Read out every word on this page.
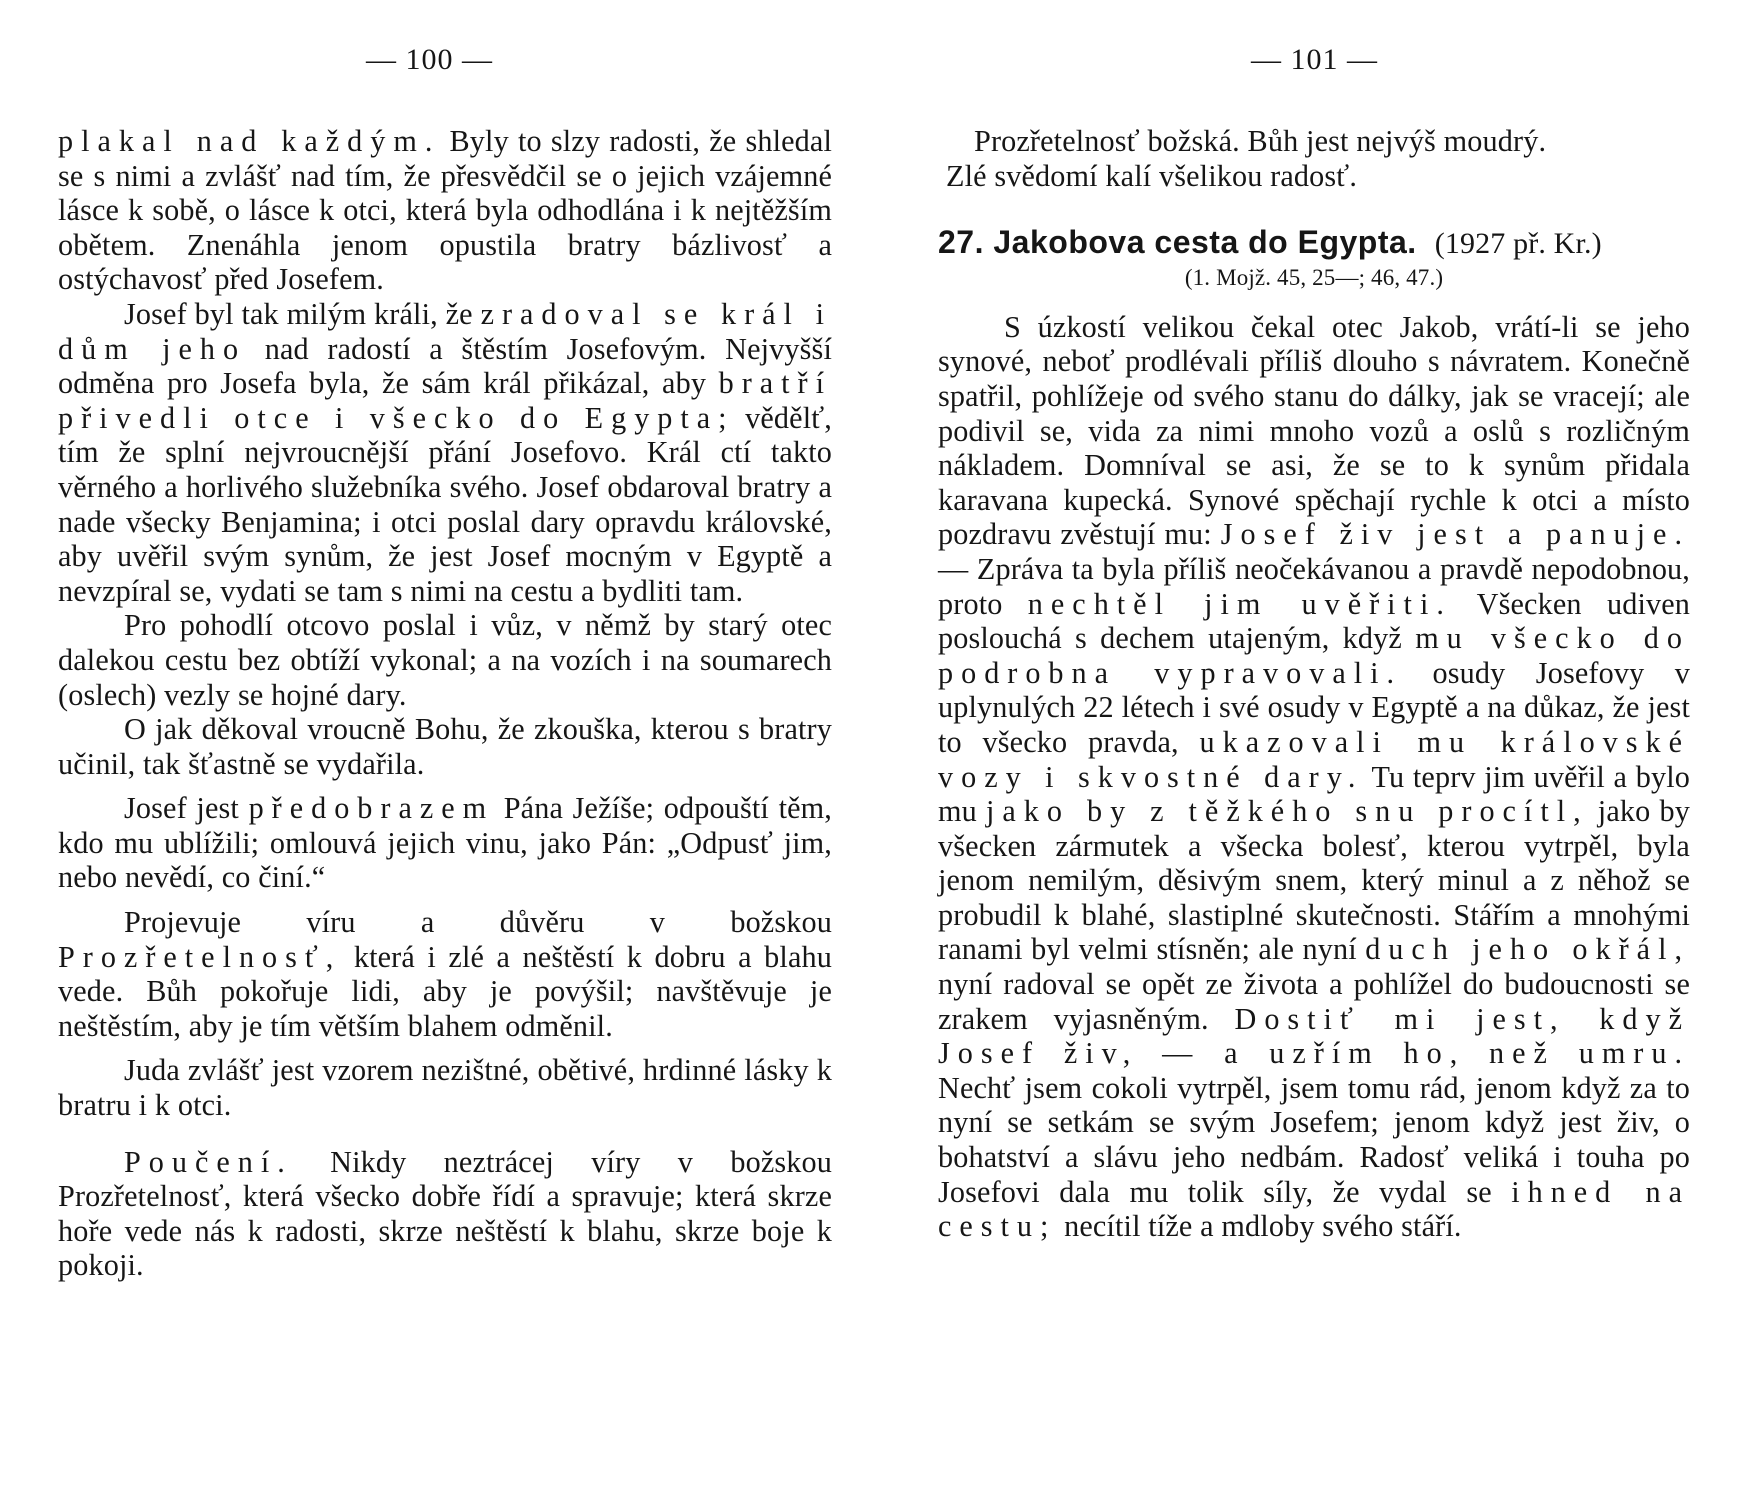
— 100 —

plakal nad každým. Byly to slzy radosti, že shledal se s nimi a zvlášť nad tím, že přesvědčil se o jejich vzájemné lásce k sobě, o lásce k otci, která byla odhodlána i k nejtěžším obětem. Znenáhla jenom opustila bratry bázlivosť a ostýchavosť před Josefem.

Josef byl tak milým králi, že zradoval se král i dům jeho nad radostí a štěstím Josefovým. Nejvyšší odměna pro Josefa byla, že sám král přikázal, aby bratří přivedli otce i všecko do Egypta; vědělť, tím že splní nejvroucnější přání Josefovo. Král ctí takto věrného a horlivého služebníka svého. Josef obdaroval bratry a nade všecky Benjamina; i otci poslal dary opravdu královské, aby uvěřil svým synům, že jest Josef mocným v Egyptě a nevzpíral se, vydati se tam s nimi na cestu a bydliti tam.

Pro pohodlí otcovo poslal i vůz, v němž by starý otec dalekou cestu bez obtíží vykonal; a na vozích i na soumarech (oslech) vezly se hojné dary.

O jak děkoval vroucně Bohu, že zkouška, kterou s bratry učinil, tak šťastně se vydařila.

Josef jest předobrazem Pána Ježíše; odpouští těm, kdo mu ublížili; omlouvá jejich vinu, jako Pán: „Odpusť jim, nebo nevědí, co činí.“

Projevuje víru a důvěru v božskou Prozřetelnosť, která i zlé a neštěstí k dobru a blahu vede. Bůh pokořuje lidi, aby je povýšil; navštěvuje je neštěstím, aby je tím větším blahem odměnil.

Juda zvlášť jest vzorem nezištné, obětivé, hrdinné lásky k bratru i k otci.

Poučení. Nikdy neztrácej víry v božskou Prozřetelnosť, která všecko dobře řídí a spravuje; která skrze hoře vede nás k radosti, skrze neštěstí k blahu, skrze boje k pokoji.

— 101 —
Prozřetelnosť božská. Bůh jest nejvýš moudrý.
Zlé svědomí kalí všelikou radosť.
27. Jakobova cesta do Egypta. (1927 př. Kr.)
(1. Mojž. 45, 25—; 46, 47.)

S úzkostí velikou čekal otec Jakob, vrátí-li se jeho synové, neboť prodlévali příliš dlouho s návratem. Konečně spatřil, pohlížeje od svého stanu do dálky, jak se vracejí; ale podivil se, vida za nimi mnoho vozů a oslů s rozličným nákladem. Domníval se asi, že se to k synům přidala karavana kupecká. Synové spěchají rychle k otci a místo pozdravu zvěstují mu: Josef živ jest a panuje. — Zpráva ta byla příliš neočekávanou a pravdě nepodobnou, proto nechtěl jim uvěřiti. Všecken udiven poslouchá s dechem utajeným, když mu všecko do podrobna vypravovali. osudy Josefovy v uplynulých 22 létech i své osudy v Egyptě a na důkaz, že jest to všecko pravda, ukazovali mu královské vozy i skvostné dary. Tu teprv jim uvěřil a bylo mu jako by z těžkého snu procítl, jako by všecken zármutek a všecka bolesť, kterou vytrpěl, byla jenom nemilým, děsivým snem, který minul a z něhož se probudil k blahé, slastiplné skutečnosti. Stářím a mnohými ranami byl velmi stísněn; ale nyní duch jeho okřál, nyní radoval se opět ze života a pohlížel do budoucnosti se zrakem vyjasněným. Dostiť mi jest, když Josef živ, — a uzřím ho, než umru. Nechť jsem cokoli vytrpěl, jsem tomu rád, jenom když za to nyní se setkám se svým Josefem; jenom když jest živ, o bohatství a slávu jeho nedbám. Radosť veliká i touha po Josefovi dala mu tolik síly, že vydal se ihned na cestu; necítil tíže a mdloby svého stáří.
